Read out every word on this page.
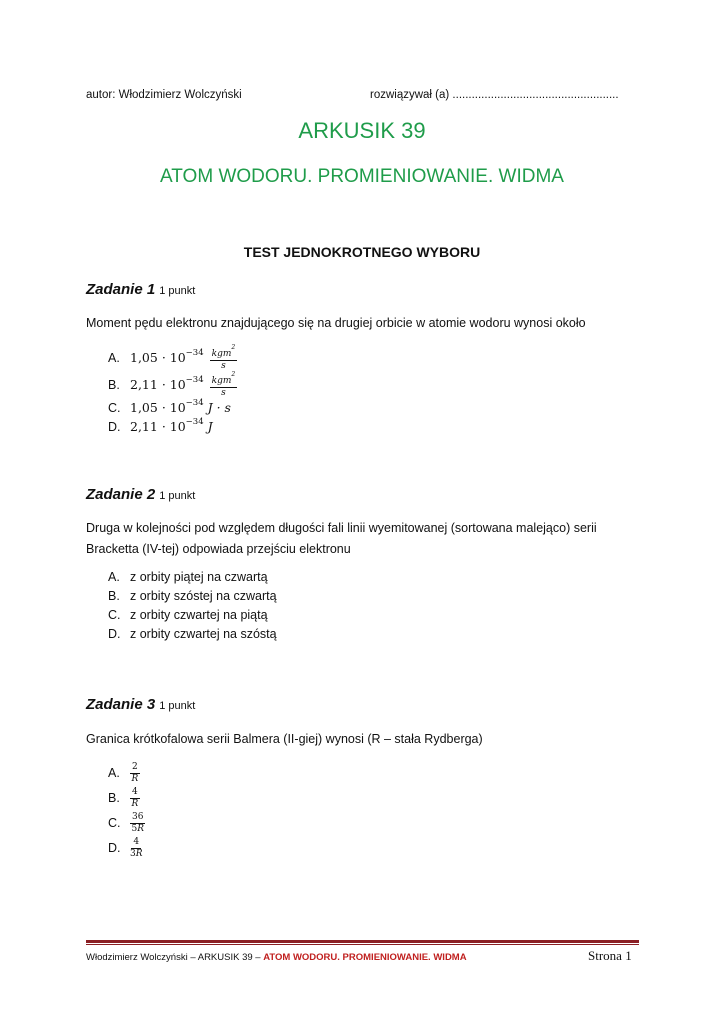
autor: Włodzimierz Wolczyński	rozwiązywał (a) ....................................................
ARKUSIK 39
ATOM WODORU. PROMIENIOWANIE. WIDMA
TEST JEDNOKROTNEGO WYBORU
Zadanie 1 1 punkt
Moment pędu elektronu znajdującego się na drugiej orbicie w atomie wodoru wynosi około
A. $1,05 \cdot 10^{-34} \frac{kgm^2}{s}$
B. $2,11 \cdot 10^{-34} \frac{kgm^2}{s}$
C. $1,05 \cdot 10^{-34}$ J · s
D. $2,11 \cdot 10^{-34}$ J
Zadanie 2 1 punkt
Druga w kolejności pod względem długości fali linii wyemitowanej (sortowana malejąco) serii
Bracketta (IV-tej) odpowiada przejściu elektronu
A. z orbity piątej na czwartą
B. z orbity szóstej na czwartą
C. z orbity czwartej na piątą
D. z orbity czwartej na szóstą
Zadanie 3 1 punkt
Granica krótkofalowa serii Balmera (II-giej) wynosi (R – stała Rydberga)
A.	2
R
B.	4
R
C.	36
5R
D.	4
3R
Włodzimierz Wolczyński – ARKUSIK 39 – ATOM WODORU. PROMIENIOWANIE. WIDMA	Strona 1
